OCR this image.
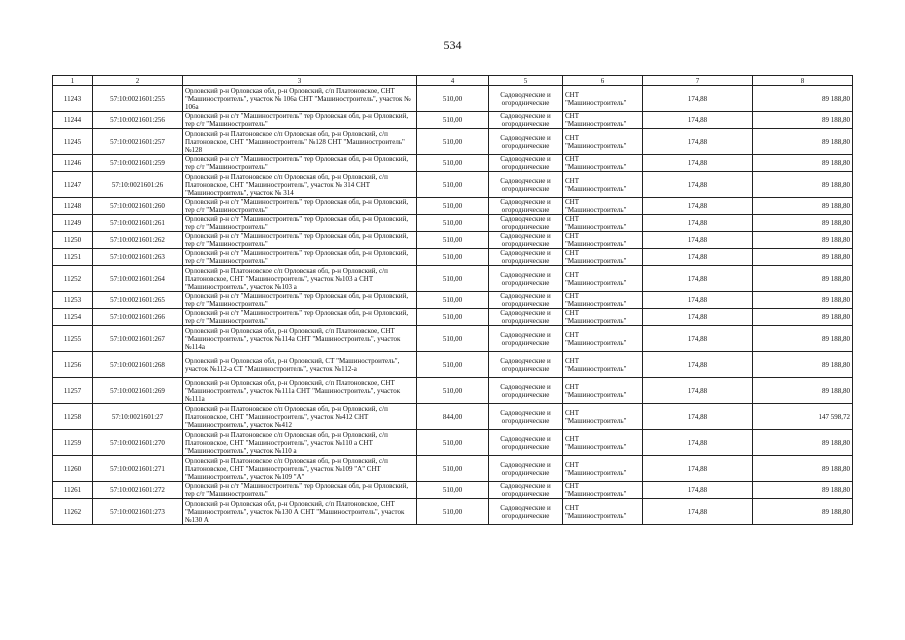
534
1	2	3	4	5	6	7	8
11243	57:10:0021601:255	Орловский р-н Орловская обл, р-н Орловский, с/п Платоновское, СНТ "Машиностроитель", участок № 106а СНТ "Машиностроитель", участок № 106а	510,00	Садоводческие и огороднические	СНТ "Машиностроитель"	174,88	89 188,80
11244	57:10:0021601:256	Орловский р-н с/т "Машиностроитель" тер Орловская обл, р-н Орловский, тер с/т "Машиностроитель"	510,00	Садоводческие и огороднические	СНТ "Машиностроитель"	174,88	89 188,80
11245	57:10:0021601:257	Орловский р-н Платоновское с/п Орловская обл, р-н Орловский, с/п Платоновское, СНТ "Машиностроитель" №128 СНТ "Машиностроитель" №128	510,00	Садоводческие и огороднические	СНТ "Машиностроитель"	174,88	89 188,80
11246	57:10:0021601:259	Орловский р-н с/т "Машиностроитель" тер Орловская обл, р-н Орловский, тер с/т "Машиностроитель"	510,00	Садоводческие и огороднические	СНТ "Машиностроитель"	174,88	89 188,80
11247	57:10:0021601:26	Орловский р-н Платоновское с/п Орловская обл, р-н Орловский, с/п Платоновское, СНТ "Машиностроитель", участок № 314 СНТ "Машиностроитель", участок № 314	510,00	Садоводческие и огороднические	СНТ "Машиностроитель"	174,88	89 188,80
11248	57:10:0021601:260	Орловский р-н с/т "Машиностроитель" тер Орловская обл, р-н Орловский, тер с/т "Машиностроитель"	510,00	Садоводческие и огороднические	СНТ "Машиностроитель"	174,88	89 188,80
11249	57:10:0021601:261	Орловский р-н с/т "Машиностроитель" тер Орловская обл, р-н Орловский, тер с/т "Машиностроитель"	510,00	Садоводческие и огороднические	СНТ "Машиностроитель"	174,88	89 188,80
11250	57:10:0021601:262	Орловский р-н с/т "Машиностроитель" тер Орловская обл, р-н Орловский, тер с/т "Машиностроитель"	510,00	Садоводческие и огороднические	СНТ "Машиностроитель"	174,88	89 188,80
11251	57:10:0021601:263	Орловский р-н с/т "Машиностроитель" тер Орловская обл, р-н Орловский, тер с/т "Машиностроитель"	510,00	Садоводческие и огороднические	СНТ "Машиностроитель"	174,88	89 188,80
11252	57:10:0021601:264	Орловский р-н Платоновское с/п Орловская обл, р-н Орловский, с/п Платоновское, СНТ "Машиностроитель", участок №103 а СНТ "Машиностроитель", участок №103 а	510,00	Садоводческие и огороднические	СНТ "Машиностроитель"	174,88	89 188,80
11253	57:10:0021601:265	Орловский р-н с/т "Машиностроитель" тер Орловская обл, р-н Орловский, тер с/т "Машиностроитель"	510,00	Садоводческие и огороднические	СНТ "Машиностроитель"	174,88	89 188,80
11254	57:10:0021601:266	Орловский р-н с/т "Машиностроитель" тер Орловская обл, р-н Орловский, тер с/т "Машиностроитель"	510,00	Садоводческие и огороднические	СНТ "Машиностроитель"	174,88	89 188,80
11255	57:10:0021601:267	Орловский р-н Орловская обл, р-н Орловский, с/п Платоновское, СНТ "Машиностроитель", участок №114а СНТ "Машиностроитель", участок №114а	510,00	Садоводческие и огороднические	СНТ "Машиностроитель"	174,88	89 188,80
11256	57:10:0021601:268	Орловский р-н Орловская обл, р-н Орловский, СТ "Машиностроитель", участок №112-а СТ "Машиностроитель", участок №112-а	510,00	Садоводческие и огороднические	СНТ "Машиностроитель"	174,88	89 188,80
11257	57:10:0021601:269	Орловский р-н Орловская обл, р-н Орловский, с/п Платоновское, СНТ "Машиностроитель", участок №111а СНТ "Машиностроитель", участок №111а	510,00	Садоводческие и огороднические	СНТ "Машиностроитель"	174,88	89 188,80
11258	57:10:0021601:27	Орловский р-н Платоновское с/п Орловская обл, р-н Орловский, с/п Платоновское, СНТ "Машиностроитель", участок №412 СНТ "Машиностроитель", участок №412	844,00	Садоводческие и огороднические	СНТ "Машиностроитель"	174,88	147 598,72
11259	57:10:0021601:270	Орловский р-н Платоновское с/п Орловская обл, р-н Орловский, с/п Платоновское, СНТ "Машиностроитель", участок №110 а СНТ "Машиностроитель", участок №110 а	510,00	Садоводческие и огороднические	СНТ "Машиностроитель"	174,88	89 188,80
11260	57:10:0021601:271	Орловский р-н Платоновское с/п Орловская обл, р-н Орловский, с/п Платоновское, СНТ "Машиностроитель", участок №109 "А" СНТ "Машиностроитель", участок №109 "А"	510,00	Садоводческие и огороднические	СНТ "Машиностроитель"	174,88	89 188,80
11261	57:10:0021601:272	Орловский р-н с/т "Машиностроитель" тер Орловская обл, р-н Орловский, тер с/т "Машиностроитель"	510,00	Садоводческие и огороднические	СНТ "Машиностроитель"	174,88	89 188,80
11262	57:10:0021601:273	Орловский р-н Орловская обл, р-н Орловский, с/п Платоновское, СНТ "Машиностроитель", участок №130 А СНТ "Машиностроитель", участок №130 А	510,00	Садоводческие и огороднические	СНТ "Машиностроитель"	174,88	89 188,80
